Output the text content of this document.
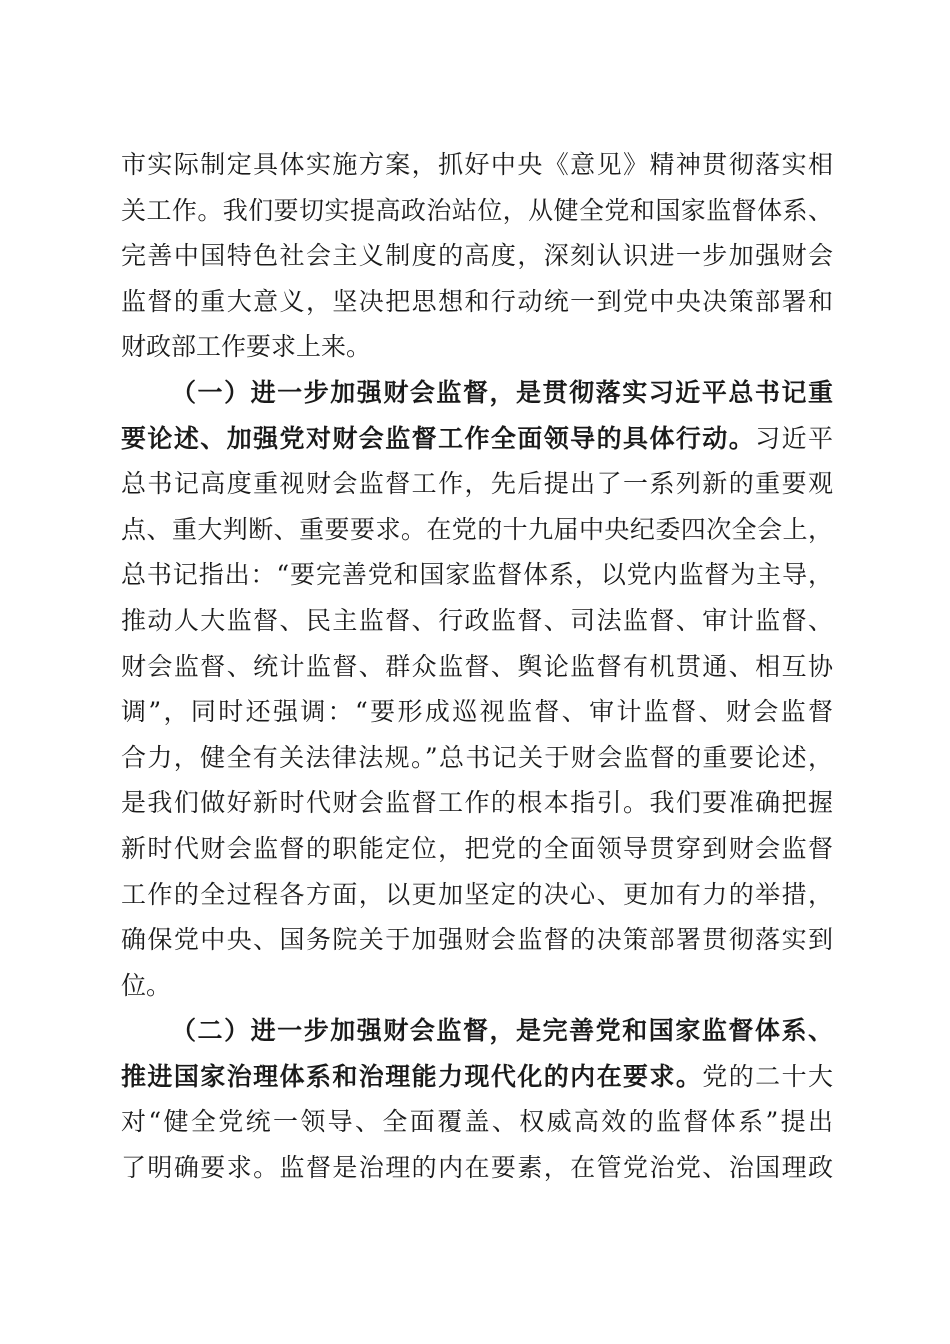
市实际制定具体实施方案，抓好中央《意见》精神贯彻落实相
关工作。我们要切实提高政治站位，从健全党和国家监督体系、
完善中国特色社会主义制度的高度，深刻认识进一步加强财会
监督的重大意义，坚决把思想和行动统一到党中央决策部署和
财政部工作要求上来。
（一）进一步加强财会监督，是贯彻落实习近平总书记重
要论述、加强党对财会监督工作全面领导的具体行动。习近平
总书记高度重视财会监督工作，先后提出了一系列新的重要观
点、重大判断、重要要求。在党的十九届中央纪委四次全会上，
总书记指出：“要完善党和国家监督体系，以党内监督为主导，
推动人大监督、民主监督、行政监督、司法监督、审计监督、
财会监督、统计监督、群众监督、舆论监督有机贯通、相互协
调”，同时还强调：“要形成巡视监督、审计监督、财会监督
合力，健全有关法律法规。”总书记关于财会监督的重要论述，
是我们做好新时代财会监督工作的根本指引。我们要准确把握
新时代财会监督的职能定位，把党的全面领导贯穿到财会监督
工作的全过程各方面，以更加坚定的决心、更加有力的举措，
确保党中央、国务院关于加强财会监督的决策部署贯彻落实到
位。
（二）进一步加强财会监督，是完善党和国家监督体系、
推进国家治理体系和治理能力现代化的内在要求。党的二十大
对“健全党统一领导、全面覆盖、权威高效的监督体系”提出
了明确要求。监督是治理的内在要素，在管党治党、治国理政
